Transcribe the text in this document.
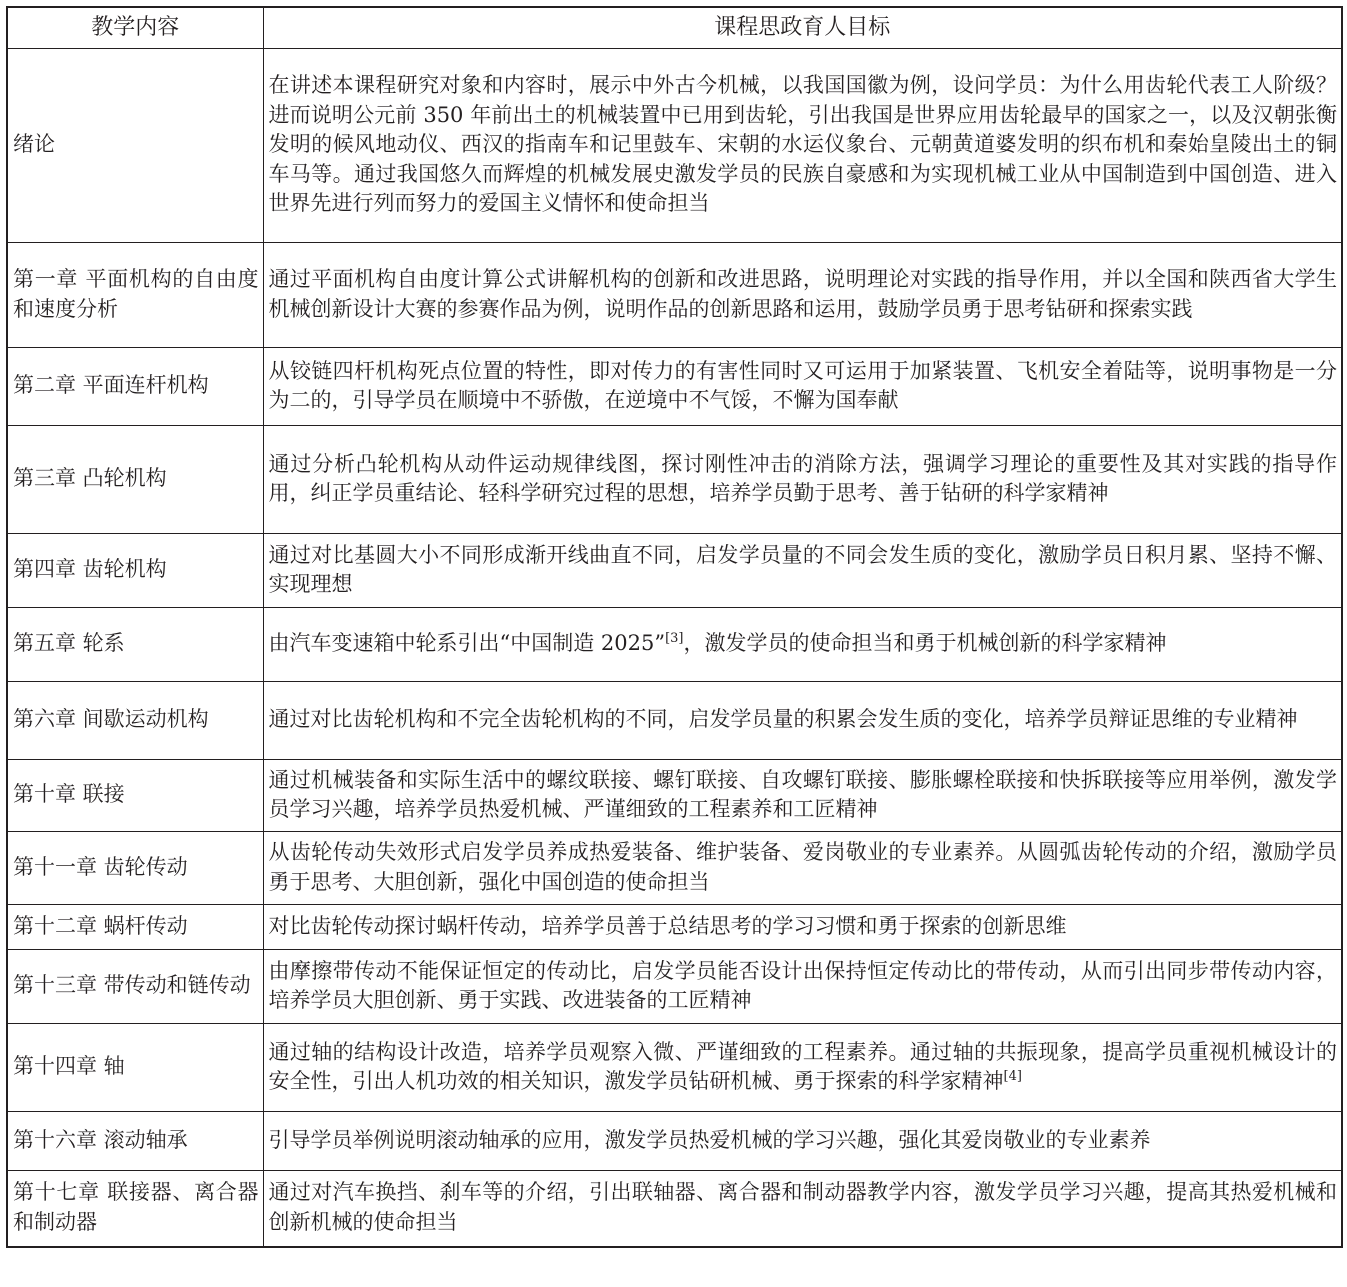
教学内容	课程思政育人目标
绪论	在讲述本课程研究对象和内容时，展示中外古今机械，以我国国徽为例，设问学员：为什么用齿轮代表工人阶级？进而说明公元前 350 年前出土的机械装置中已用到齿轮，引出我国是世界应用齿轮最早的国家之一，以及汉朝张衡发明的候风地动仪、西汉的指南车和记里鼓车、宋朝的水运仪象台、元朝黄道婆发明的织布机和秦始皇陵出土的铜车马等。通过我国悠久而辉煌的机械发展史激发学员的民族自豪感和为实现机械工业从中国制造到中国创造、进入世界先进行列而努力的爱国主义情怀和使命担当
第一章 平面机构的自由度和速度分析	通过平面机构自由度计算公式讲解机构的创新和改进思路，说明理论对实践的指导作用，并以全国和陕西省大学生机械创新设计大赛的参赛作品为例，说明作品的创新思路和运用，鼓励学员勇于思考钻研和探索实践
第二章 平面连杆机构	从铰链四杆机构死点位置的特性，即对传力的有害性同时又可运用于加紧装置、飞机安全着陆等，说明事物是一分为二的，引导学员在顺境中不骄傲，在逆境中不气馁，不懈为国奉献
第三章 凸轮机构	通过分析凸轮机构从动件运动规律线图，探讨刚性冲击的消除方法，强调学习理论的重要性及其对实践的指导作用，纠正学员重结论、轻科学研究过程的思想，培养学员勤于思考、善于钻研的科学家精神
第四章 齿轮机构	通过对比基圆大小不同形成渐开线曲直不同，启发学员量的不同会发生质的变化，激励学员日积月累、坚持不懈、实现理想
第五章 轮系	由汽车变速箱中轮系引出“中国制造 2025”[3]，激发学员的使命担当和勇于机械创新的科学家精神
第六章 间歇运动机构	通过对比齿轮机构和不完全齿轮机构的不同，启发学员量的积累会发生质的变化，培养学员辩证思维的专业精神
第十章 联接	通过机械装备和实际生活中的螺纹联接、螺钉联接、自攻螺钉联接、膨胀螺栓联接和快拆联接等应用举例，激发学员学习兴趣，培养学员热爱机械、严谨细致的工程素养和工匠精神
第十一章 齿轮传动	从齿轮传动失效形式启发学员养成热爱装备、维护装备、爱岗敬业的专业素养。从圆弧齿轮传动的介绍，激励学员勇于思考、大胆创新，强化中国创造的使命担当
第十二章 蜗杆传动	对比齿轮传动探讨蜗杆传动，培养学员善于总结思考的学习习惯和勇于探索的创新思维
第十三章 带传动和链传动	由摩擦带传动不能保证恒定的传动比，启发学员能否设计出保持恒定传动比的带传动，从而引出同步带传动内容，培养学员大胆创新、勇于实践、改进装备的工匠精神
第十四章 轴	通过轴的结构设计改造，培养学员观察入微、严谨细致的工程素养。通过轴的共振现象，提高学员重视机械设计的安全性，引出人机功效的相关知识，激发学员钻研机械、勇于探索的科学家精神[4]
第十六章 滚动轴承	引导学员举例说明滚动轴承的应用，激发学员热爱机械的学习兴趣，强化其爱岗敬业的专业素养
第十七章 联接器、离合器和制动器	通过对汽车换挡、刹车等的介绍，引出联轴器、离合器和制动器教学内容，激发学员学习兴趣，提高其热爱机械和创新机械的使命担当
